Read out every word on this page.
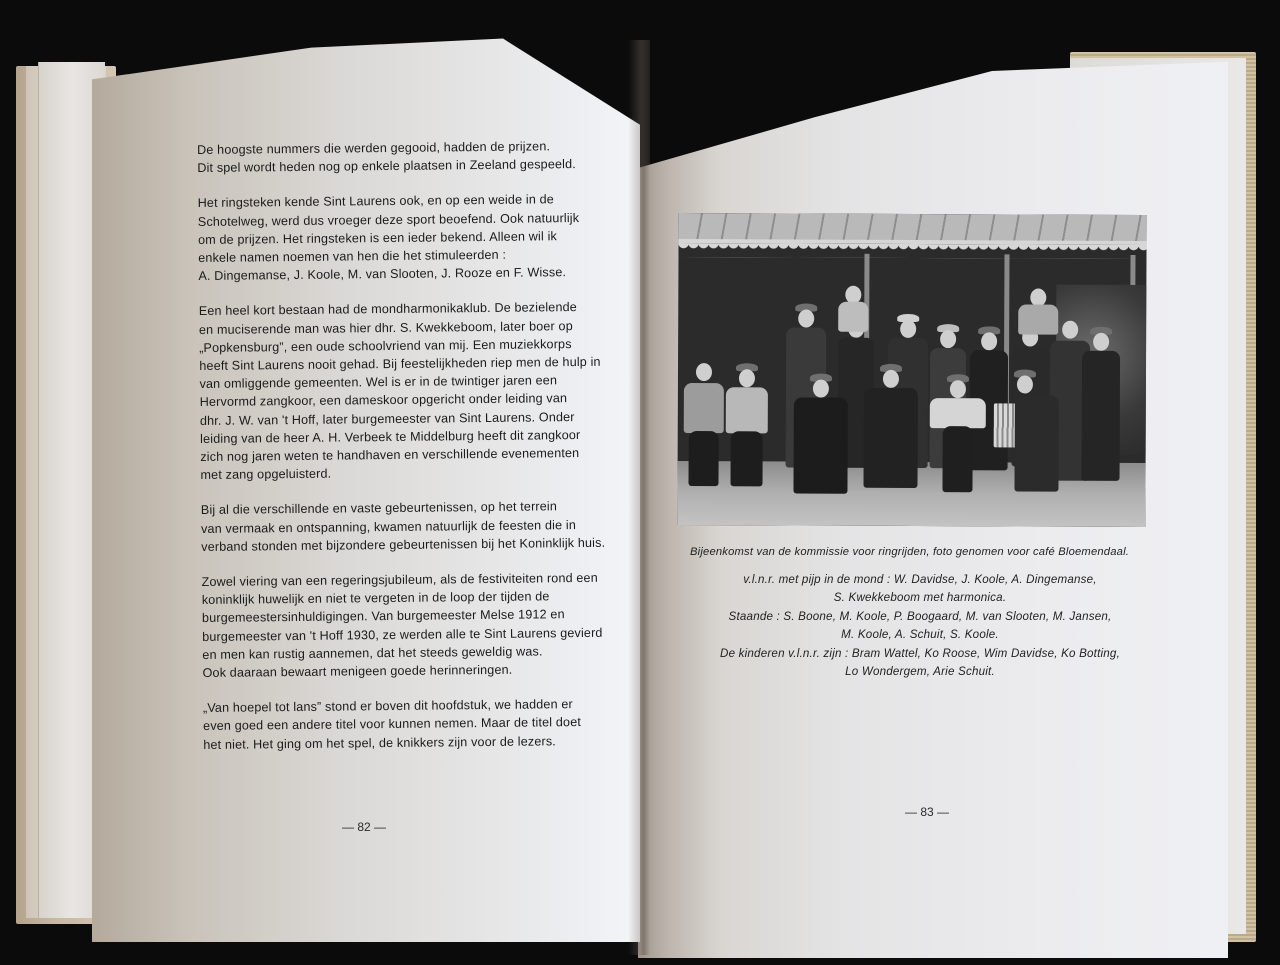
De hoogste nummers die werden gegooid, hadden de prijzen.
Dit spel wordt heden nog op enkele plaatsen in Zeeland gespeeld.

Het ringsteken kende Sint Laurens ook, en op een weide in de
Schotelweg, werd dus vroeger deze sport beoefend. Ook natuurlijk
om de prijzen. Het ringsteken is een ieder bekend. Alleen wil ik
enkele namen noemen van hen die het stimuleerden :
A. Dingemanse, J. Koole, M. van Slooten, J. Rooze en F. Wisse.

Een heel kort bestaan had de mondharmonikaklub. De bezielende
en muciserende man was hier dhr. S. Kwekkeboom, later boer op
„Popkensburg”, een oude schoolvriend van mij. Een muziekkorps
heeft Sint Laurens nooit gehad. Bij feestelijkheden riep men de hulp in
van omliggende gemeenten. Wel is er in de twintiger jaren een
Hervormd zangkoor, een dameskoor opgericht onder leiding van
dhr. J. W. van 't Hoff, later burgemeester van Sint Laurens. Onder
leiding van de heer A. H. Verbeek te Middelburg heeft dit zangkoor
zich nog jaren weten te handhaven en verschillende evenementen
met zang opgeluisterd.

Bij al die verschillende en vaste gebeurtenissen, op het terrein
van vermaak en ontspanning, kwamen natuurlijk de feesten die in
verband stonden met bijzondere gebeurtenissen bij het Koninklijk huis.

Zowel viering van een regeringsjubileum, als de festiviteiten rond een
koninklijk huwelijk en niet te vergeten in de loop der tijden de
burgemeestersinhuldigingen. Van burgemeester Melse 1912 en
burgemeester van 't Hoff 1930, ze werden alle te Sint Laurens gevierd
en men kan rustig aannemen, dat het steeds geweldig was.
Ook daaraan bewaart menigeen goede herinneringen.

„Van hoepel tot lans” stond er boven dit hoofdstuk, we hadden er
even goed een andere titel voor kunnen nemen. Maar de titel doet
het niet. Het ging om het spel, de knikkers zijn voor de lezers.

— 82 —
Bijeenkomst van de kommissie voor ringrijden, foto genomen voor café Bloemendaal.
v.l.n.r. met pijp in de mond : W. Davidse, J. Koole, A. Dingemanse,
S. Kwekkeboom met harmonica.
Staande : S. Boone, M. Koole, P. Boogaard, M. van Slooten, M. Jansen,
M. Koole, A. Schuit, S. Koole.
De kinderen v.l.n.r. zijn : Bram Wattel, Ko Roose, Wim Davidse, Ko Botting,
Lo Wondergem, Arie Schuit.
— 83 —
